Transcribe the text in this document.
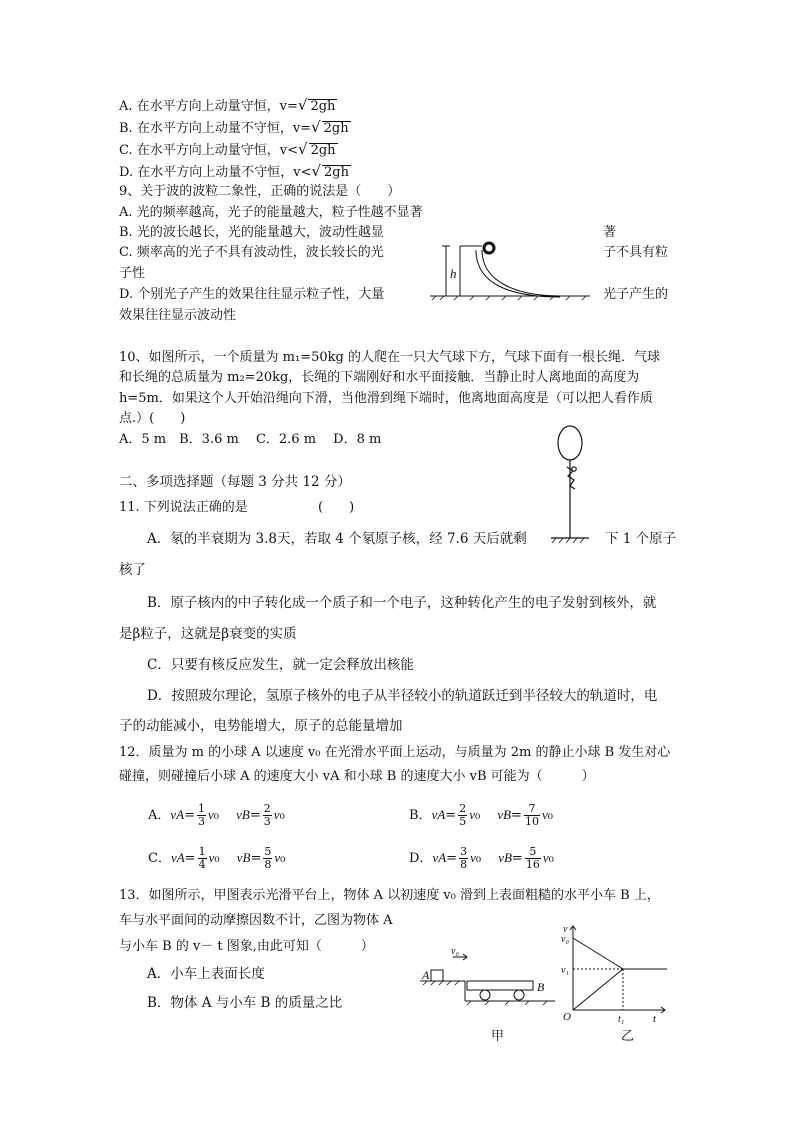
A. 在水平方向上动量守恒，v=√ 2gh
B. 在水平方向上动量不守恒，v=√ 2gh
C. 在水平方向上动量守恒，v<√ 2gh
D. 在水平方向上动量不守恒，v<√ 2gh
9、关于波的波粒二象性，正确的说法是（　　）
A. 光的频率越高，光子的能量越大，粒子性越不显著
B. 光的波长越长，光的能量越大，波动性越显	著
C. 频率高的光子不具有波动性，波长较长的光	子不具有粒
子性
D. 个别光子产生的效果往往显示粒子性，大量	光子产生的
效果往往显示波动性
h
10、如图所示，一个质量为 m₁=50kg 的人爬在一只大气球下方，气球下面有一根长绳．气球
和长绳的总质量为 m₂=20kg，长绳的下端刚好和水平面接触．当静止时人离地面的高度为
h=5m．如果这个人开始沿绳向下滑，当他滑到绳下端时，他离地面高度是（可以把人看作质
点.）(　　)
A．5 m　B．3.6 m　 C．2.6 m　 D．8 m
二、多项选择题（每题 3 分共 12 分）
11. 下列说法正确的是	(　　)
A．氡的半衰期为 3.8天，若取 4 个氡原子核，经 7.6 天后就剩	下 1 个原子
核了
B．原子核内的中子转化成一个质子和一个电子，这种转化产生的电子发射到核外，就
是β粒子，这就是β衰变的实质
C．只要有核反应发生，就一定会释放出核能
D．按照玻尔理论，氢原子核外的电子从半径较小的轨道跃迁到半径较大的轨道时，电
子的动能减小，电势能增大，原子的总能量增加
12．质量为 m 的小球 A 以速度 v₀ 在光滑水平面上运动，与质量为 2m 的静止小球 B 发生对心
碰撞，则碰撞后小球 A 的速度大小 vA 和小球 B 的速度大小 vB 可能为（　　　）
A．$vA= \frac{1}{3} v_0$　 $vB= \frac{2}{3} v_0$	B．$vA= \frac{2}{5} v_0$　 $vB= \frac{7}{10} v_0$
C．$vA= \frac{1}{4} v_0$　 $vB= \frac{5}{8} v_0$	D．$vA= \frac{3}{8} v_0$　 $vB= \frac{5}{16} v_0$
13．如图所示，甲图表示光滑平台上，物体 A 以初速度 v₀ 滑到上表面粗糙的水平小车 B 上，
车与水平面间的动摩擦因数不计，乙图为物体 A
与小车 B 的 v－ t 图象,由此可知（　　　）
A．小车上表面长度
B．物体 A 与小车 B 的质量之比
A
B
v₀
甲
v
v₀
v₁
O	t₁	t
乙
